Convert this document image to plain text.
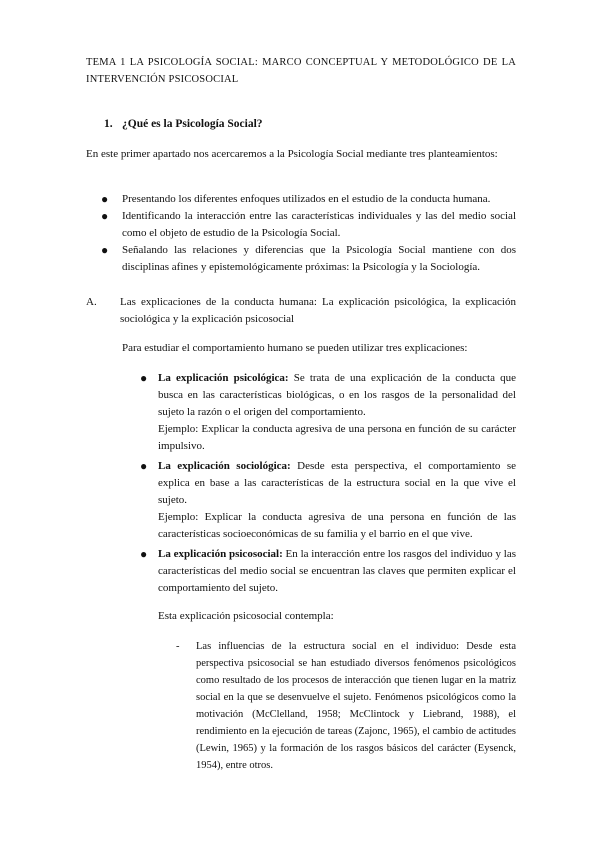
TEMA 1 LA PSICOLOGÍA SOCIAL: MARCO CONCEPTUAL Y METODOLÓGICO DE LA INTERVENCIÓN PSICOSOCIAL
1. ¿Qué es la Psicología Social?
En este primer apartado nos acercaremos a la Psicología Social mediante tres planteamientos:
● Presentando los diferentes enfoques utilizados en el estudio de la conducta humana.
● Identificando la interacción entre las características individuales y las del medio social como el objeto de estudio de la Psicología Social.
● Señalando las relaciones y diferencias que la Psicología Social mantiene con dos disciplinas afines y epistemológicamente próximas: la Psicología y la Sociología.
A. Las explicaciones de la conducta humana: La explicación psicológica, la explicación sociológica y la explicación psicosocial
Para estudiar el comportamiento humano se pueden utilizar tres explicaciones:
● La explicación psicológica: Se trata de una explicación de la conducta que busca en las características biológicas, o en los rasgos de la personalidad del sujeto la razón o el origen del comportamiento.
Ejemplo: Explicar la conducta agresiva de una persona en función de su carácter impulsivo.
● La explicación sociológica: Desde esta perspectiva, el comportamiento se explica en base a las características de la estructura social en la que vive el sujeto.
Ejemplo: Explicar la conducta agresiva de una persona en función de las características socioeconómicas de su familia y el barrio en el que vive.
● La explicación psicosocial: En la interacción entre los rasgos del individuo y las características del medio social se encuentran las claves que permiten explicar el comportamiento del sujeto.
Esta explicación psicosocial contempla:
- Las influencias de la estructura social en el individuo: Desde esta perspectiva psicosocial se han estudiado diversos fenómenos psicológicos como resultado de los procesos de interacción que tienen lugar en la matriz social en la que se desenvuelve el sujeto. Fenómenos psicológicos como la motivación (McClelland, 1958; McClintock y Liebrand, 1988), el rendimiento en la ejecución de tareas (Zajonc, 1965), el cambio de actitudes (Lewin, 1965) y la formación de los rasgos básicos del carácter (Eysenck, 1954), entre otros.
